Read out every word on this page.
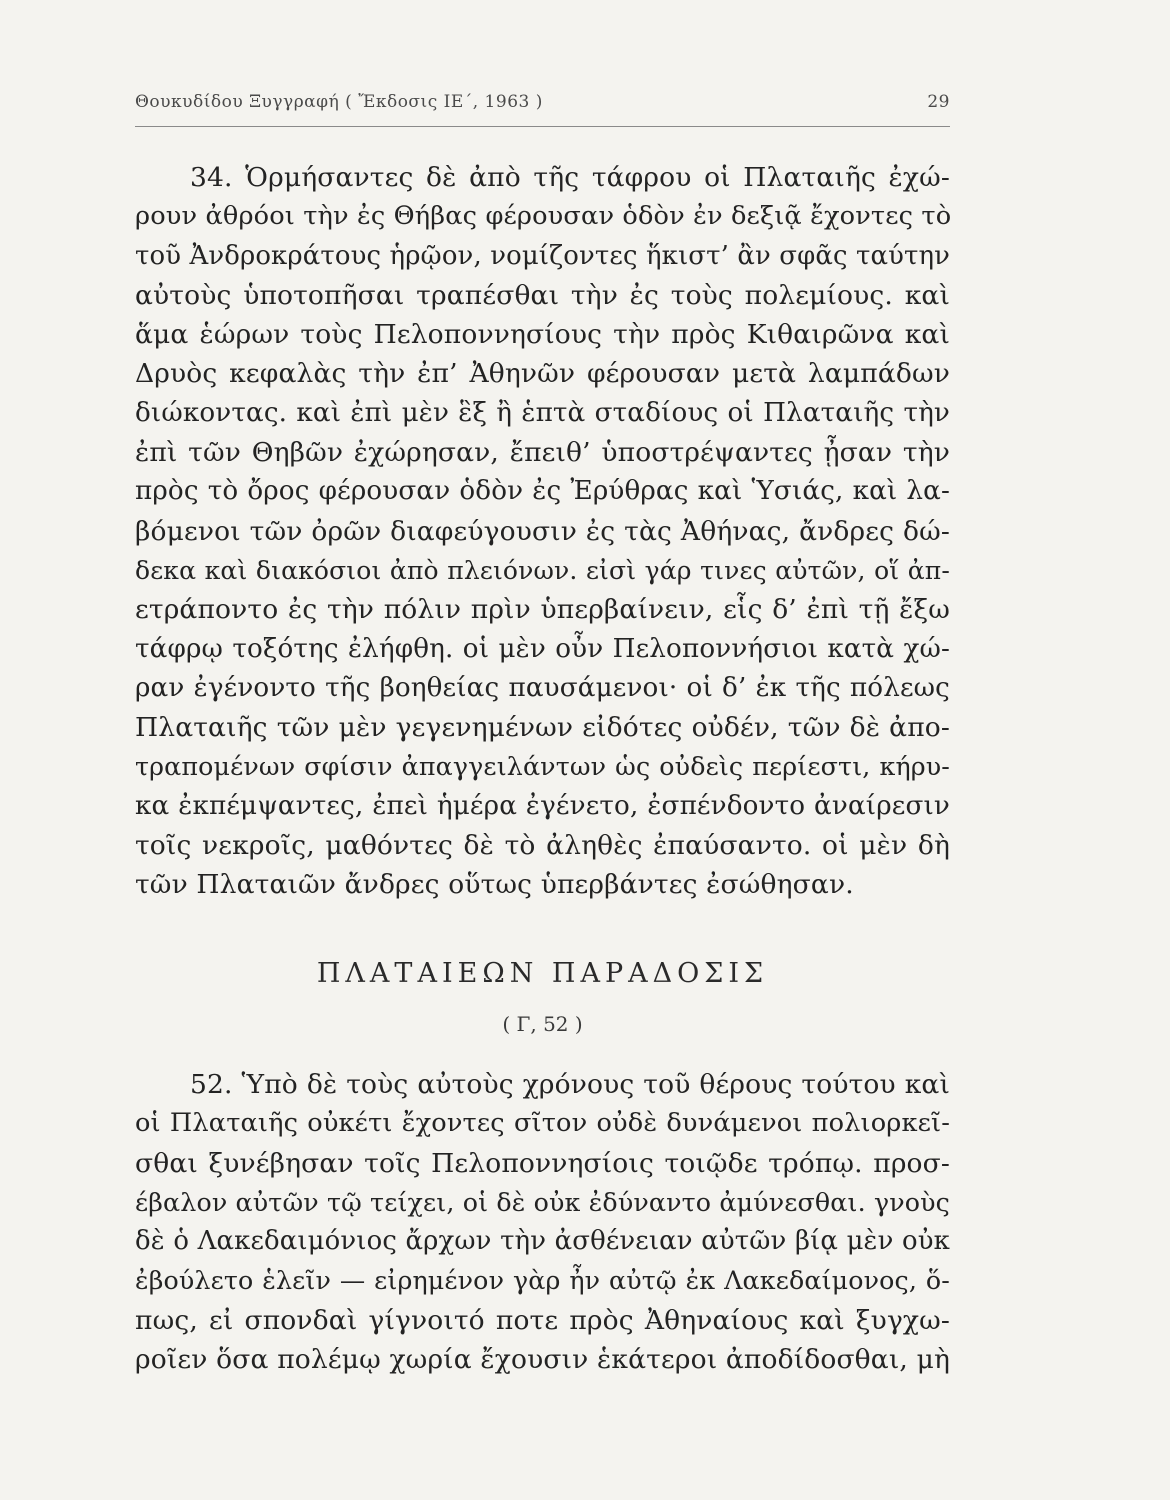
Θουκυδίδου Ξυγγραφή ( Ἔκδοσις ΙΕ΄, 1963 )	29
34. Ὁρμήσαντες δὲ ἀπὸ τῆς τάφρου οἱ Πλαταιῆς ἐχώ-
ρουν ἀθρόοι τὴν ἐς Θήβας φέρουσαν ὁδὸν ἐν δεξιᾷ ἔχοντες τὸ
τοῦ Ἀνδροκράτους ἡρῷον, νομίζοντες ἥκιστ’ ἂν σφᾶς ταύτην
αὐτοὺς ὑποτοπῆσαι τραπέσθαι τὴν ἐς τοὺς πολεμίους. καὶ
ἅμα ἑώρων τοὺς Πελοποννησίους τὴν πρὸς Κιθαιρῶνα καὶ
Δρυὸς κεφαλὰς τὴν ἐπ’ Ἀθηνῶν φέρουσαν μετὰ λαμπάδων
διώκοντας. καὶ ἐπὶ μὲν ἓξ ἢ ἑπτὰ σταδίους οἱ Πλαταιῆς τὴν
ἐπὶ τῶν Θηβῶν ἐχώρησαν, ἔπειθ’ ὑποστρέψαντες ᾖσαν τὴν
πρὸς τὸ ὄρος φέρουσαν ὁδὸν ἐς Ἐρύθρας καὶ Ὑσιάς, καὶ λα-
βόμενοι τῶν ὀρῶν διαφεύγουσιν ἐς τὰς Ἀθήνας, ἄνδρες δώ-
δεκα καὶ διακόσιοι ἀπὸ πλειόνων. εἰσὶ γάρ τινες αὐτῶν, οἵ ἀπ-
ετράποντο ἐς τὴν πόλιν πρὶν ὑπερβαίνειν, εἷς δ’ ἐπὶ τῇ ἔξω
τάφρῳ τοξότης ἐλήφθη. οἱ μὲν οὖν Πελοποννήσιοι κατὰ χώ-
ραν ἐγένοντο τῆς βοηθείας παυσάμενοι· οἱ δ’ ἐκ τῆς πόλεως
Πλαταιῆς τῶν μὲν γεγενημένων εἰδότες οὐδέν, τῶν δὲ ἀπο-
τραπομένων σφίσιν ἀπαγγειλάντων ὡς οὐδεὶς περίεστι, κήρυ-
κα ἐκπέμψαντες, ἐπεὶ ἡμέρα ἐγένετο, ἐσπένδοντο ἀναίρεσιν
τοῖς νεκροῖς, μαθόντες δὲ τὸ ἀληθὲς ἐπαύσαντο. οἱ μὲν δὴ
τῶν Πλαταιῶν ἄνδρες οὕτως ὑπερβάντες ἐσώθησαν.
ΠΛΑΤΑΙΕΩΝ ΠΑΡΑΔΟΣΙΣ
( Γ, 52 )
52. Ὑπὸ δὲ τοὺς αὐτοὺς χρόνους τοῦ θέρους τούτου καὶ
οἱ Πλαταιῆς οὐκέτι ἔχοντες σῖτον οὐδὲ δυνάμενοι πολιορκεῖ-
σθαι ξυνέβησαν τοῖς Πελοποννησίοις τοιῷδε τρόπῳ. προσ-
έβαλον αὐτῶν τῷ τείχει, οἱ δὲ οὐκ ἐδύναντο ἀμύνεσθαι. γνοὺς
δὲ ὁ Λακεδαιμόνιος ἄρχων τὴν ἀσθένειαν αὐτῶν βίᾳ μὲν οὐκ
ἐβούλετο ἑλεῖν — εἰρημένον γὰρ ἦν αὐτῷ ἐκ Λακεδαίμονος, ὅ-
πως, εἰ σπονδαὶ γίγνοιτό ποτε πρὸς Ἀθηναίους καὶ ξυγχω-
ροῖεν ὅσα πολέμῳ χωρία ἔχουσιν ἑκάτεροι ἀποδίδοσθαι, μὴ
